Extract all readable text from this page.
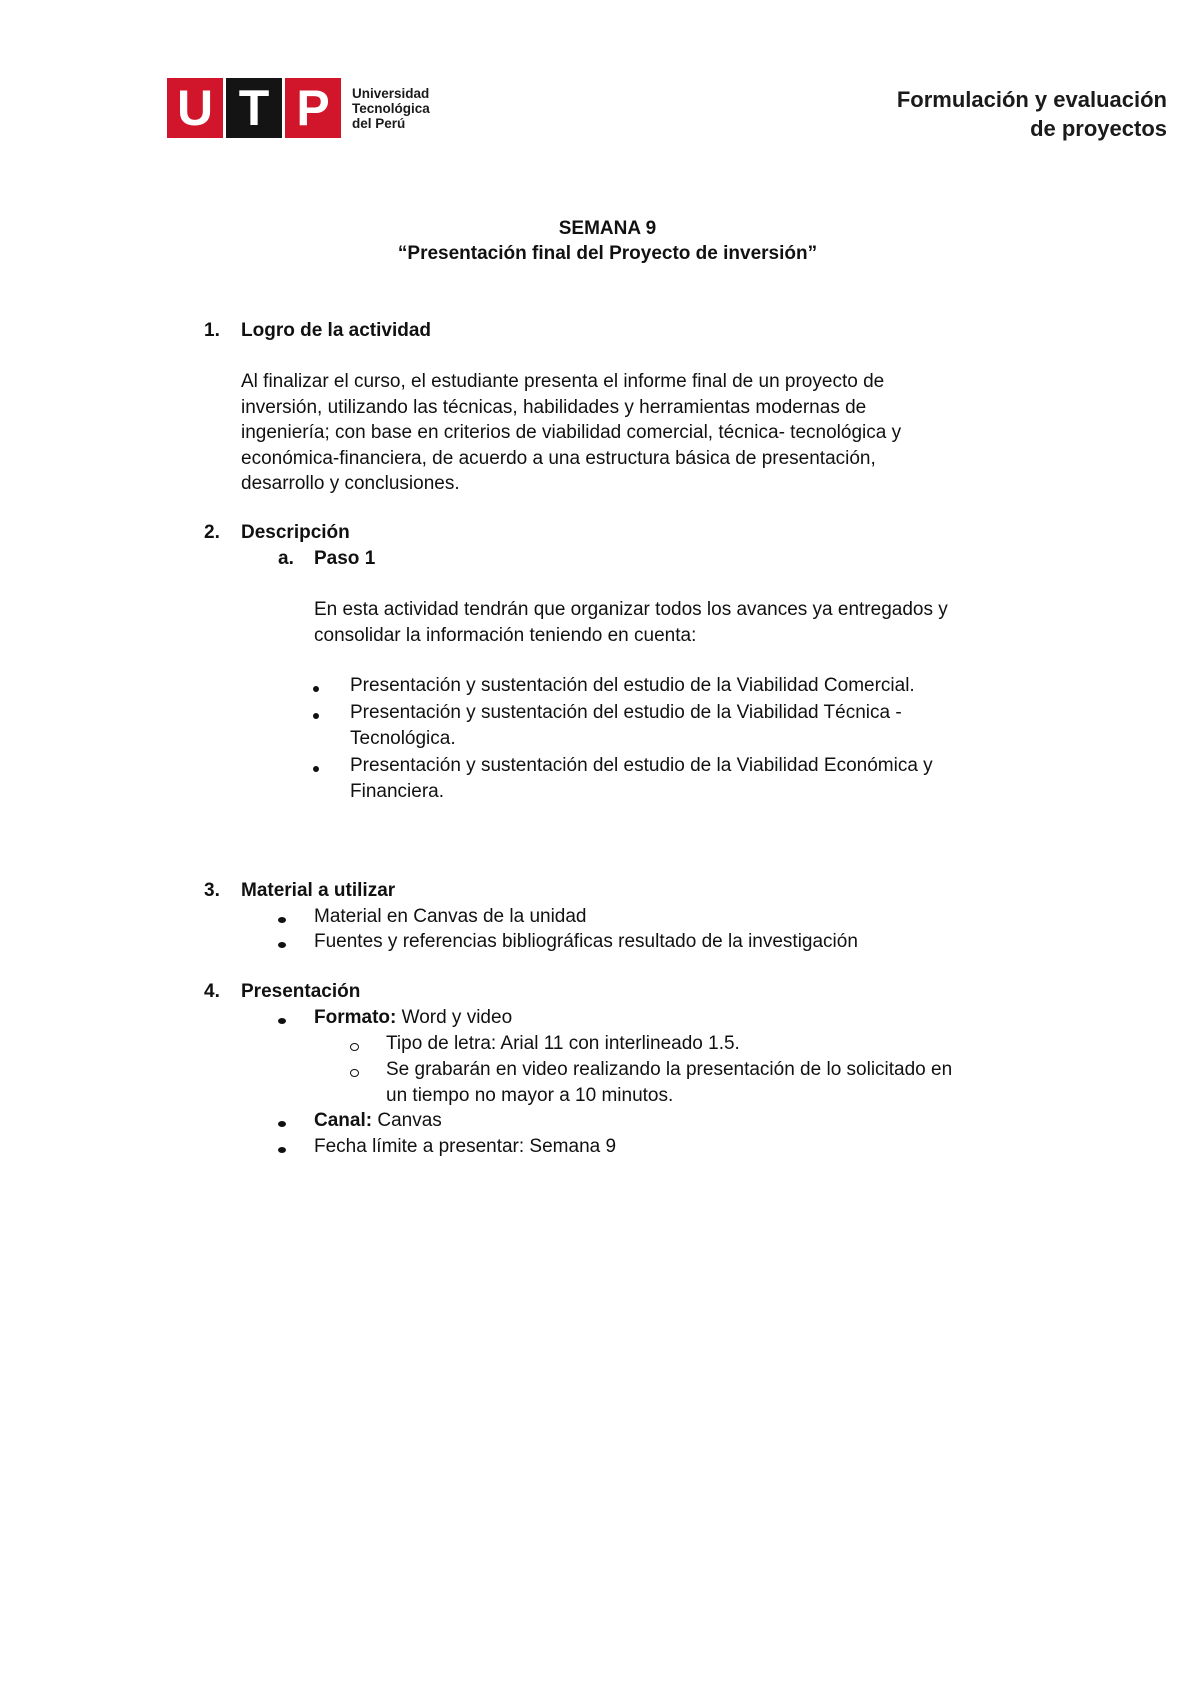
U T P	Universidad
Tecnológica
del Perú
Formulación y evaluación
de proyectos
SEMANA 9
“Presentación final del Proyecto de inversión”
1. Logro de la actividad
Al finalizar el curso, el estudiante presenta el informe final de un proyecto de
inversión, utilizando las técnicas, habilidades y herramientas modernas de
ingeniería; con base en criterios de viabilidad comercial, técnica- tecnológica y
económica-financiera, de acuerdo a una estructura básica de presentación,
desarrollo y conclusiones.
2. Descripción
a. Paso 1
En esta actividad tendrán que organizar todos los avances ya entregados y
consolidar la información teniendo en cuenta:
Presentación y sustentación del estudio de la Viabilidad Comercial.
Presentación y sustentación del estudio de la Viabilidad Técnica -
Tecnológica.
Presentación y sustentación del estudio de la Viabilidad Económica y
Financiera.
3. Material a utilizar
Material en Canvas de la unidad
Fuentes y referencias bibliográficas resultado de la investigación
4. Presentación
Formato: Word y video
Tipo de letra: Arial 11 con interlineado 1.5.
Se grabarán en video realizando la presentación de lo solicitado en
un tiempo no mayor a 10 minutos.
Canal: Canvas
Fecha límite a presentar: Semana 9
